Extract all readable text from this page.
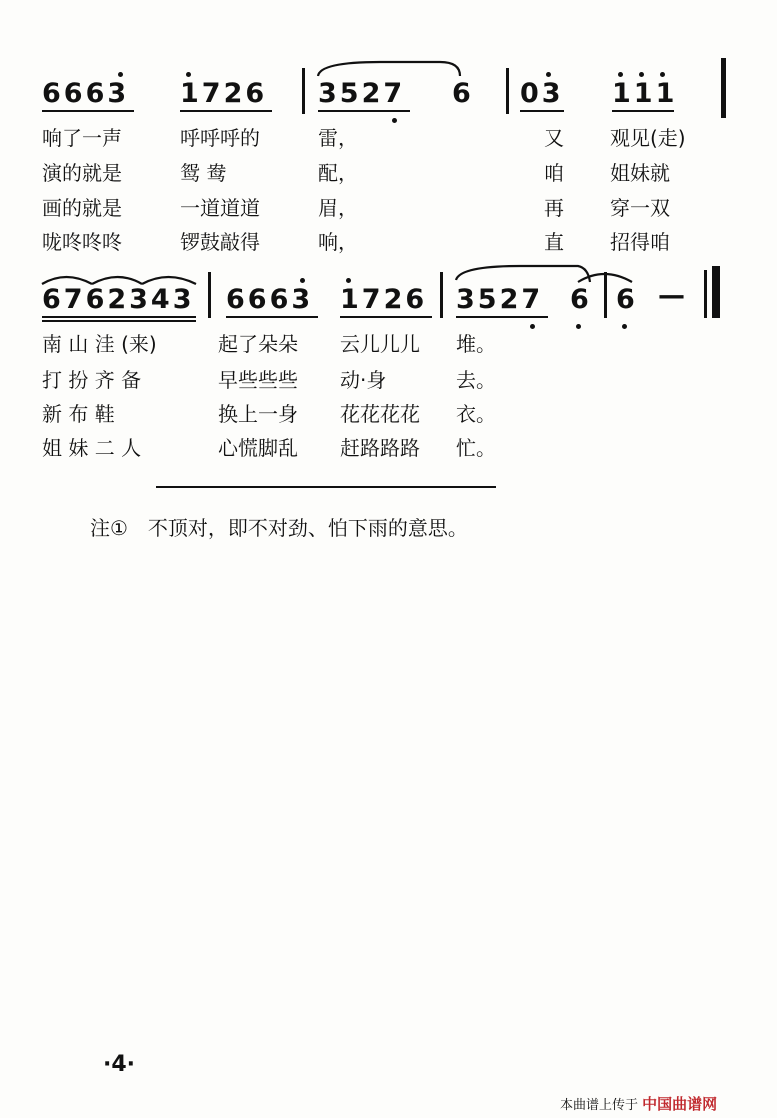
6663 1726 3527 6 03 111
响了一声	呼呼呼的	雷，	又 观见(走)
演的就是	鸳 鸯	配，	咱 姐妹就
画的就是	一道道道	眉，	再 穿一双
咙咚咚咚	锣鼓敲得	响，	直 招得咱
6762343 6663 1726 3527 6 6 —
南 山 洼 (来)	起了朵朵 云儿儿儿 堆。
打 扮 齐 备	早些些些 动·身	去。
新 布 鞋	换上一身 花花花花 衣。
姐 妹 二 人	心慌脚乱 赶路路路 忙。
注①　不顶对，即不对劲、怕下雨的意思。
·4·
本曲谱上传于 中国曲谱网
